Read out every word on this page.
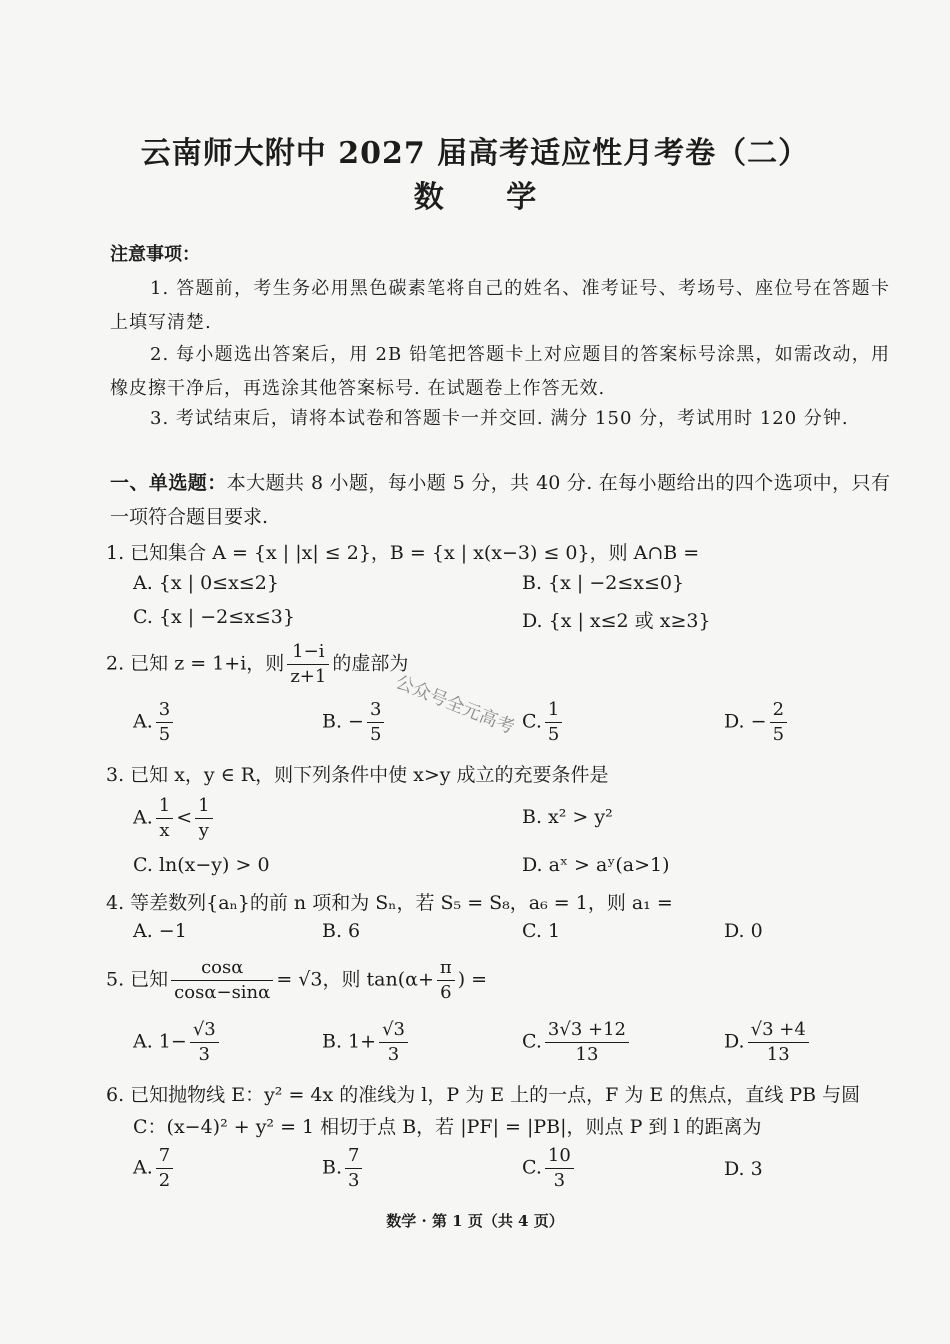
云南师大附中 2027 届高考适应性月考卷（二）
数 学
注意事项：
1. 答题前，考生务必用黑色碳素笔将自己的姓名、准考证号、考场号、座位号在答题卡上填写清楚.
2. 每小题选出答案后，用 2B 铅笔把答题卡上对应题目的答案标号涂黑，如需改动，用橡皮擦干净后，再选涂其他答案标号. 在试题卷上作答无效.
3. 考试结束后，请将本试卷和答题卡一并交回. 满分 150 分，考试用时 120 分钟.
一、单选题：本大题共 8 小题，每小题 5 分，共 40 分. 在每小题给出的四个选项中，只有一项符合题目要求.
1. 已知集合 A = {x | |x| ≤ 2}，B = {x | x(x−3) ≤ 0}，则 A∩B =
A. {x | 0≤x≤2}	B. {x | −2≤x≤0}
C. {x | −2≤x≤3}	D. {x | x≤2 或 x≥3}
2. 已知 z = 1+i，则 $\frac{1-i}{z+1}$ 的虚部为
A. $\frac{3}{5}$	B. − $\frac{3}{5}$	C. $\frac{1}{5}$	D. − $\frac{2}{5}$
3. 已知 x，y ∈ R，则下列条件中使 x>y 成立的充要条件是
A. $\frac{1}{x} < \frac{1}{y}$	B. x² > y²
C. ln(x−y) > 0	D. aˣ > aʸ(a>1)
4. 等差数列{aₙ}的前 n 项和为 Sₙ，若 S₅ = S₈，a₆ = 1，则 a₁ =
A. −1	B. 6	C. 1	D. 0
5. 已知 $\frac{\cos\alpha}{\cos\alpha-\sin\alpha} = √3$，则 $\tan(\alpha+ \frac{\pi}{6}$ ) =
A. $1- \frac{√3}{3}$	B. $1+ \frac{√3}{3}$	C. $\frac{3√3 +12}{13}$	D. $\frac{√3 +4}{13}$
6. 已知抛物线 E：y² = 4x 的准线为 l，P 为 E 上的一点，F 为 E 的焦点，直线 PB 与圆
C：(x−4)² + y² = 1 相切于点 B，若 |PF| = |PB|，则点 P 到 l 的距离为
A. $\frac{7}{2}$	B. $\frac{7}{3}$	C. $\frac{10}{3}$	D. 3
公众号全元高考
数学 · 第 1 页（共 4 页）
